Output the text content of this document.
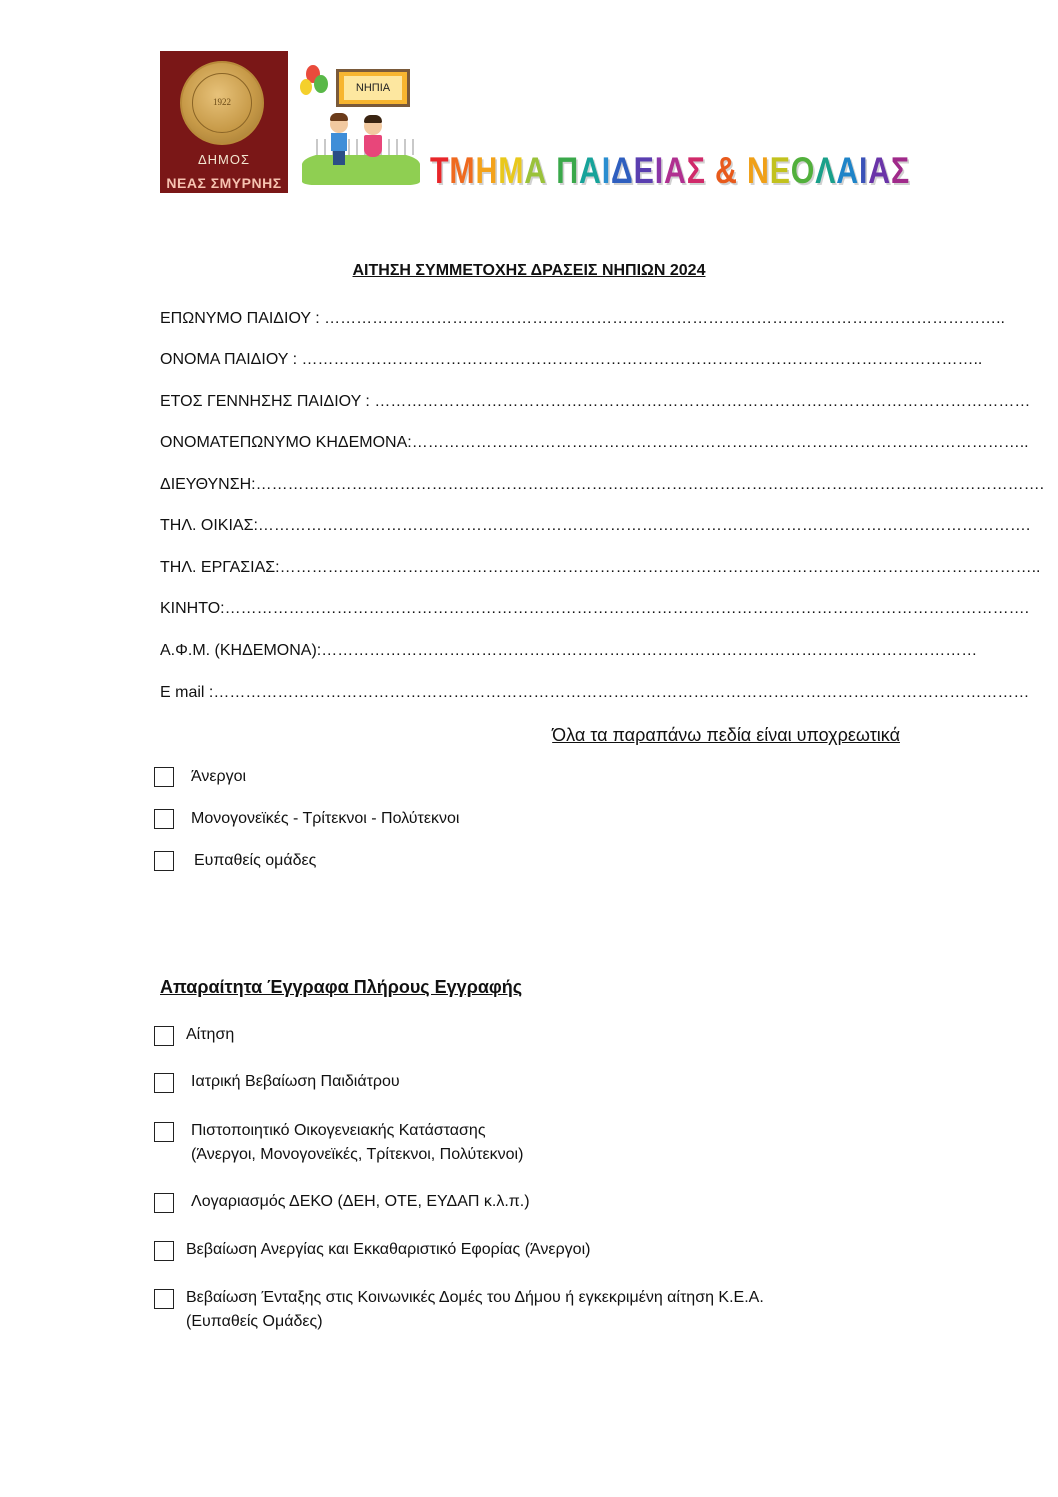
1922
ΔΗΜΟΣ
ΝΕΑΣ ΣΜΥΡΝΗΣ
ΝΗΠΙΑ
ΤΜΗΜΑ ΠΑΙΔΕΙΑΣ & ΝΕΟΛΑΙΑΣ
ΑΙΤΗΣΗ ΣΥΜΜΕΤΟΧΗΣ ΔΡΑΣΕΙΣ ΝΗΠΙΩΝ 2024
ΕΠΩΝΥΜΟ ΠΑΙΔΙΟΥ : ………………………………………………………………………………………………………………..
ΟΝΟΜΑ ΠΑΙΔΙΟΥ : ………………………………………………………………………………………………………………..
ΕΤΟΣ ΓΕΝΝΗΣΗΣ ΠΑΙΔΙΟΥ : ……………………………………………………………………………………………………………
ΟΝΟΜΑΤΕΠΩΝΥΜΟ ΚΗΔΕΜΟΝΑ:……………………………………………………………………………………………………..
ΔΙΕΥΘΥΝΣΗ:………………………………………………………………………………………………………………………………….
ΤΗΛ. ΟΙΚΙΑΣ:……………………………………………………………………………………………………………………………….
ΤΗΛ. ΕΡΓΑΣΙΑΣ:……………………………………………………………………………………………………………………………..
ΚΙΝΗΤΟ:…………………………………………………………………………………………………………………………………….
Α.Φ.Μ. (ΚΗΔΕΜΟΝΑ):……………………………………………………………………………………………………………
E mail :………………………………………………………………………………………………………………………………………
Όλα τα παραπάνω πεδία είναι υποχρεωτικά
Άνεργοι
Μονογονεϊκές - Τρίτεκνοι - Πολύτεκνοι
Ευπαθείς ομάδες
Απαραίτητα Έγγραφα Πλήρους Εγγραφής
Αίτηση
Ιατρική Βεβαίωση Παιδιάτρου
Πιστοποιητικό Οικογενειακής Κατάστασης
(Άνεργοι, Μονογονεϊκές, Τρίτεκνοι, Πολύτεκνοι)
Λογαριασμός ΔΕΚΟ (ΔΕΗ, ΟΤΕ, ΕΥΔΑΠ κ.λ.π.)
Βεβαίωση Ανεργίας και Εκκαθαριστικό Εφορίας (Άνεργοι)
Βεβαίωση Ένταξης στις Κοινωνικές Δομές του Δήμου ή εγκεκριμένη αίτηση Κ.Ε.Α.
(Ευπαθείς Ομάδες)
